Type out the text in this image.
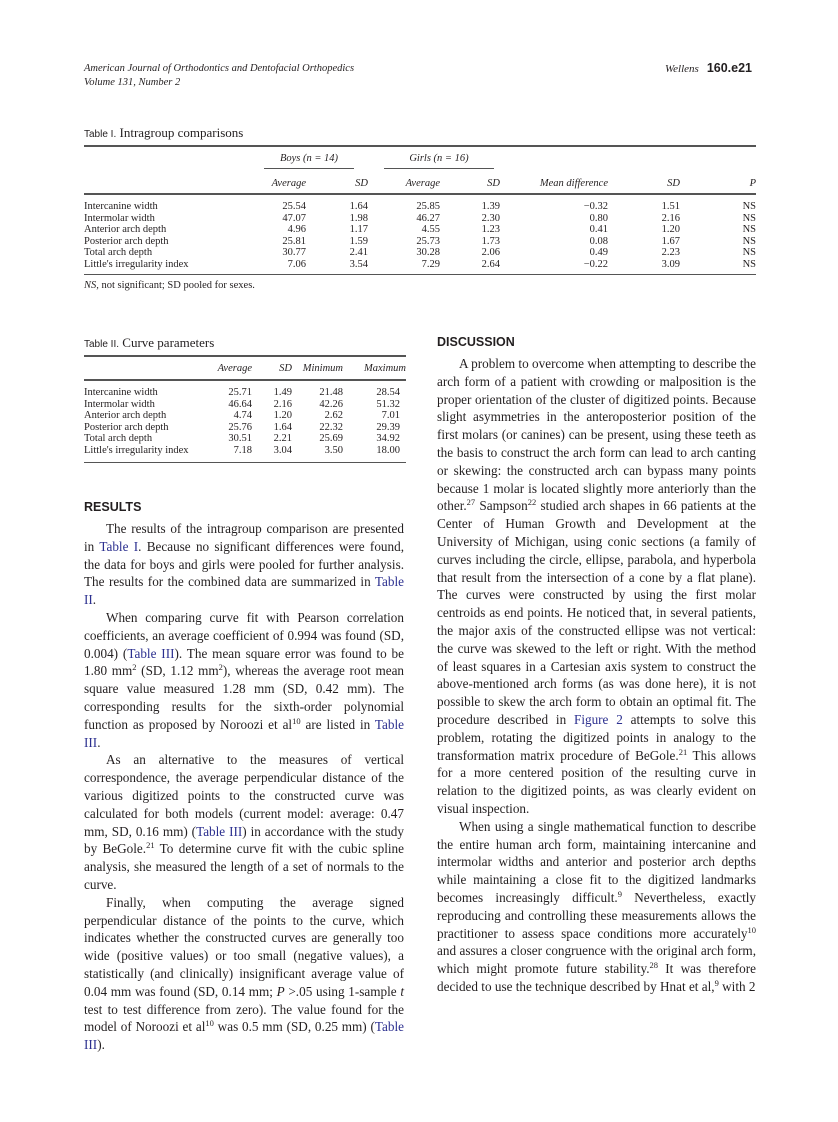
American Journal of Orthodontics and Dentofacial Orthopedics
Volume 131, Number 2
Wellens 160.e21
Table I. Intragroup comparisons

	Boys (n = 14)		Girls (n = 16)				

	Average	SD	Average	SD	Mean difference	SD	P
Intercanine width	25.54	1.64	25.85	1.39	−0.32	1.51	NS
Intermolar width	47.07	1.98	46.27	2.30	0.80	2.16	NS
Anterior arch depth	4.96	1.17	4.55	1.23	0.41	1.20	NS
Posterior arch depth	25.81	1.59	25.73	1.73	0.08	1.67	NS
Total arch depth	30.77	2.41	30.28	2.06	0.49	2.23	NS
Little's irregularity index	7.06	3.54	7.29	2.64	−0.22	3.09	NS
NS, not significant; SD pooled for sexes.
Table II. Curve parameters
	Average	SD	Minimum	Maximum
Intercanine width	25.71	1.49	21.48	28.54
Intermolar width	46.64	2.16	42.26	51.32
Anterior arch depth	4.74	1.20	2.62	7.01
Posterior arch depth	25.76	1.64	22.32	29.39
Total arch depth	30.51	2.21	25.69	34.92
Little's irregularity index	7.18	3.04	3.50	18.00
RESULTS

The results of the intragroup comparison are presented in Table I. Because no significant differences were found, the data for boys and girls were pooled for further analysis. The results for the combined data are summarized in Table II.

When comparing curve fit with Pearson correlation coefficients, an average coefficient of 0.994 was found (SD, 0.004) (Table III). The mean square error was found to be 1.80 $mm^2$ (SD, 1.12 $mm^2$), whereas the average root mean square value measured 1.28 mm (SD, 0.42 mm). The corresponding results for the sixth-order polynomial function as proposed by Noroozi et $al^{10}$ are listed in Table III.

As an alternative to the measures of vertical correspondence, the average perpendicular distance of the various digitized points to the constructed curve was calculated for both models (current model: average: 0.47 mm, SD, 0.16 mm) (Table III) in accordance with the study by BeGole.$^{21}$ To determine curve fit with the cubic spline analysis, she measured the length of a set of normals to the curve.

Finally, when computing the average signed perpendicular distance of the points to the curve, which indicates whether the constructed curves are generally too wide (positive values) or too small (negative values), a statistically (and clinically) insignificant average value of 0.04 mm was found (SD, 0.14 mm; P >.05 using 1-sample t test to test difference from zero). The value found for the model of Noroozi et $al^{10}$ was 0.5 mm (SD, 0.25 mm) (Table III).

DISCUSSION

A problem to overcome when attempting to describe the arch form of a patient with crowding or malposition is the proper orientation of the cluster of digitized points. Because slight asymmetries in the anteroposterior position of the first molars (or canines) can be present, using these teeth as the basis to construct the arch form can lead to arch canting or skewing: the constructed arch can bypass many points because 1 molar is located slightly more anteriorly than the other.$^{27}$ Sampson$^{22}$ studied arch shapes in 66 patients at the Center of Human Growth and Development at the University of Michigan, using conic sections (a family of curves including the circle, ellipse, parabola, and hyperbola that result from the intersection of a cone by a flat plane). The curves were constructed by using the first molar centroids as end points. He noticed that, in several patients, the major axis of the constructed ellipse was not vertical: the curve was skewed to the left or right. With the method of least squares in a Cartesian axis system to construct the above-mentioned arch forms (as was done here), it is not possible to skew the arch form to obtain an optimal fit. The procedure described in Figure 2 attempts to solve this problem, rotating the digitized points in analogy to the transformation matrix procedure of BeGole.$^{21}$ This allows for a more centered position of the resulting curve in relation to the digitized points, as was clearly evident on visual inspection.

When using a single mathematical function to describe the entire human arch form, maintaining intercanine and intermolar widths and anterior and posterior arch depths while maintaining a close fit to the digitized landmarks becomes increasingly difficult.$^9$ Nevertheless, exactly reproducing and controlling these measurements allows the practitioner to assess space conditions more accurately$^{10}$ and assures a closer congruence with the original arch form, which might promote future stability.$^{28}$ It was therefore decided to use the technique described by Hnat et al,$^9$ with 2
